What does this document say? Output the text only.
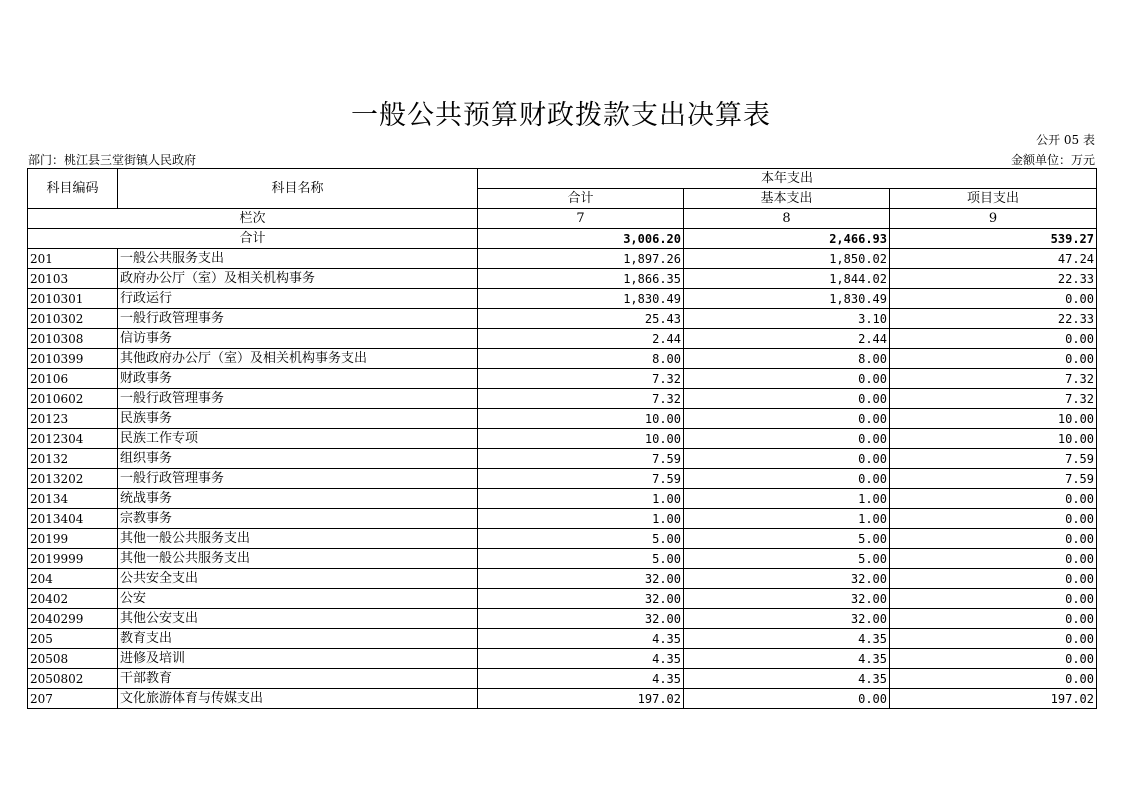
一般公共预算财政拨款支出决算表
公开 05 表
部门：桃江县三堂街镇人民政府	金额单位：万元
科目编码	科目名称	本年支出		
		合计	基本支出	项目支出
栏次		7	8	9
合计		3,006.20	2,466.93	539.27
201	一般公共服务支出	1,897.26	1,850.02	47.24
20103	政府办公厅（室）及相关机构事务	1,866.35	1,844.02	22.33
2010301	行政运行	1,830.49	1,830.49	0.00
2010302	一般行政管理事务	25.43	3.10	22.33
2010308	信访事务	2.44	2.44	0.00
2010399	其他政府办公厅（室）及相关机构事务支出	8.00	8.00	0.00
20106	财政事务	7.32	0.00	7.32
2010602	一般行政管理事务	7.32	0.00	7.32
20123	民族事务	10.00	0.00	10.00
2012304	民族工作专项	10.00	0.00	10.00
20132	组织事务	7.59	0.00	7.59
2013202	一般行政管理事务	7.59	0.00	7.59
20134	统战事务	1.00	1.00	0.00
2013404	宗教事务	1.00	1.00	0.00
20199	其他一般公共服务支出	5.00	5.00	0.00
2019999	其他一般公共服务支出	5.00	5.00	0.00
204	公共安全支出	32.00	32.00	0.00
20402	公安	32.00	32.00	0.00
2040299	其他公安支出	32.00	32.00	0.00
205	教育支出	4.35	4.35	0.00
20508	进修及培训	4.35	4.35	0.00
2050802	干部教育	4.35	4.35	0.00
207	文化旅游体育与传媒支出	197.02	0.00	197.02
